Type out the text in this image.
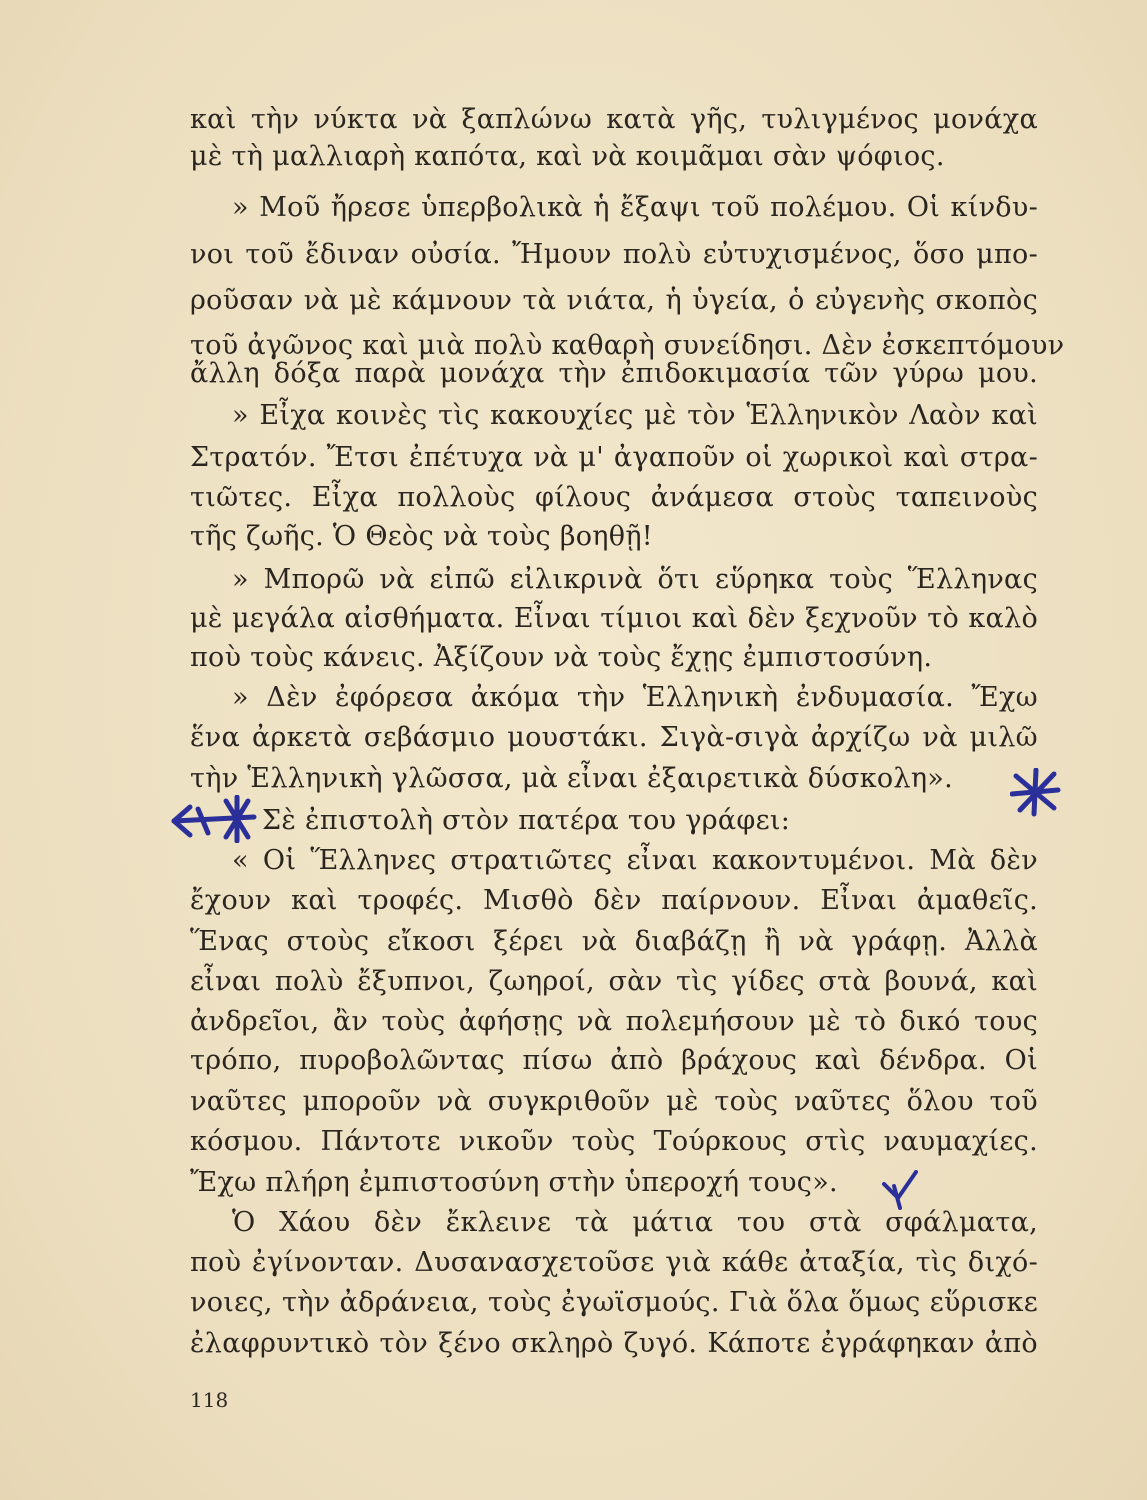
καὶ τὴν νύκτα νὰ ξαπλώνω κατὰ γῆς, τυλιγμένος μονάχα
μὲ τὴ μαλλιαρὴ καπότα, καὶ νὰ κοιμᾶμαι σὰν ψόφιος.
» Μοῦ ἤρεσε ὑπερβολικὰ ἡ ἔξαψι τοῦ πολέμου. Οἱ κίνδυ-
νοι τοῦ ἔδιναν οὐσία. Ἤμουν πολὺ εὐτυχισμένος, ὅσο μπο-
ροῦσαν νὰ μὲ κάμνουν τὰ νιάτα, ἡ ὑγεία, ὁ εὐγενὴς σκοπὸς
τοῦ ἀγῶνος καὶ μιὰ πολὺ καθαρὴ συνείδησι. Δὲν ἐσκεπτόμουν
ἄλλη δόξα παρὰ μονάχα τὴν ἐπιδοκιμασία τῶν γύρω μου.
» Εἶχα κοινὲς τὶς κακουχίες μὲ τὸν Ἑλληνικὸν Λαὸν καὶ
Στρατόν. Ἔτσι ἐπέτυχα νὰ μ' ἀγαποῦν οἱ χωρικοὶ καὶ στρα-
τιῶτες. Εἶχα πολλοὺς φίλους ἀνάμεσα στοὺς ταπεινοὺς
τῆς ζωῆς. Ὁ Θεὸς νὰ τοὺς βοηθῇ!
» Μπορῶ νὰ εἰπῶ εἰλικρινὰ ὅτι εὕρηκα τοὺς Ἕλληνας
μὲ μεγάλα αἰσθήματα. Εἶναι τίμιοι καὶ δὲν ξεχνοῦν τὸ καλὸ
ποὺ τοὺς κάνεις. Ἀξίζουν νὰ τοὺς ἔχῃς ἐμπιστοσύνη.
» Δὲν ἐφόρεσα ἀκόμα τὴν Ἑλληνικὴ ἐνδυμασία. Ἔχω
ἕνα ἀρκετὰ σεβάσμιο μουστάκι. Σιγὰ-σιγὰ ἀρχίζω νὰ μιλῶ
τὴν Ἑλληνικὴ γλῶσσα, μὰ εἶναι ἐξαιρετικὰ δύσκολη».
Σὲ ἐπιστολὴ στὸν πατέρα του γράφει:
« Οἱ Ἕλληνες στρατιῶτες εἶναι κακοντυμένοι. Μὰ δὲν
ἔχουν καὶ τροφές. Μισθὸ δὲν παίρνουν. Εἶναι ἀμαθεῖς.
Ἕνας στοὺς εἴκοσι ξέρει νὰ διαβάζῃ ἢ νὰ γράφῃ. Ἀλλὰ
εἶναι πολὺ ἔξυπνοι, ζωηροί, σὰν τὶς γίδες στὰ βουνά, καὶ
ἀνδρεῖοι, ἂν τοὺς ἀφήσῃς νὰ πολεμήσουν μὲ τὸ δικό τους
τρόπο, πυροβολῶντας πίσω ἀπὸ βράχους καὶ δένδρα. Οἱ
ναῦτες μποροῦν νὰ συγκριθοῦν μὲ τοὺς ναῦτες ὅλου τοῦ
κόσμου. Πάντοτε νικοῦν τοὺς Τούρκους στὶς ναυμαχίες.
Ἔχω πλήρη ἐμπιστοσύνη στὴν ὑπεροχή τους».
Ὁ Χάου δὲν ἔκλεινε τὰ μάτια του στὰ σφάλματα,
ποὺ ἐγίνονταν. Δυσανασχετοῦσε γιὰ κάθε ἀταξία, τὶς διχό-
νοιες, τὴν ἀδράνεια, τοὺς ἐγωϊσμούς. Γιὰ ὅλα ὅμως εὕρισκε
ἐλαφρυντικὸ τὸν ξένο σκληρὸ ζυγό. Κάποτε ἐγράφηκαν ἀπὸ
118
